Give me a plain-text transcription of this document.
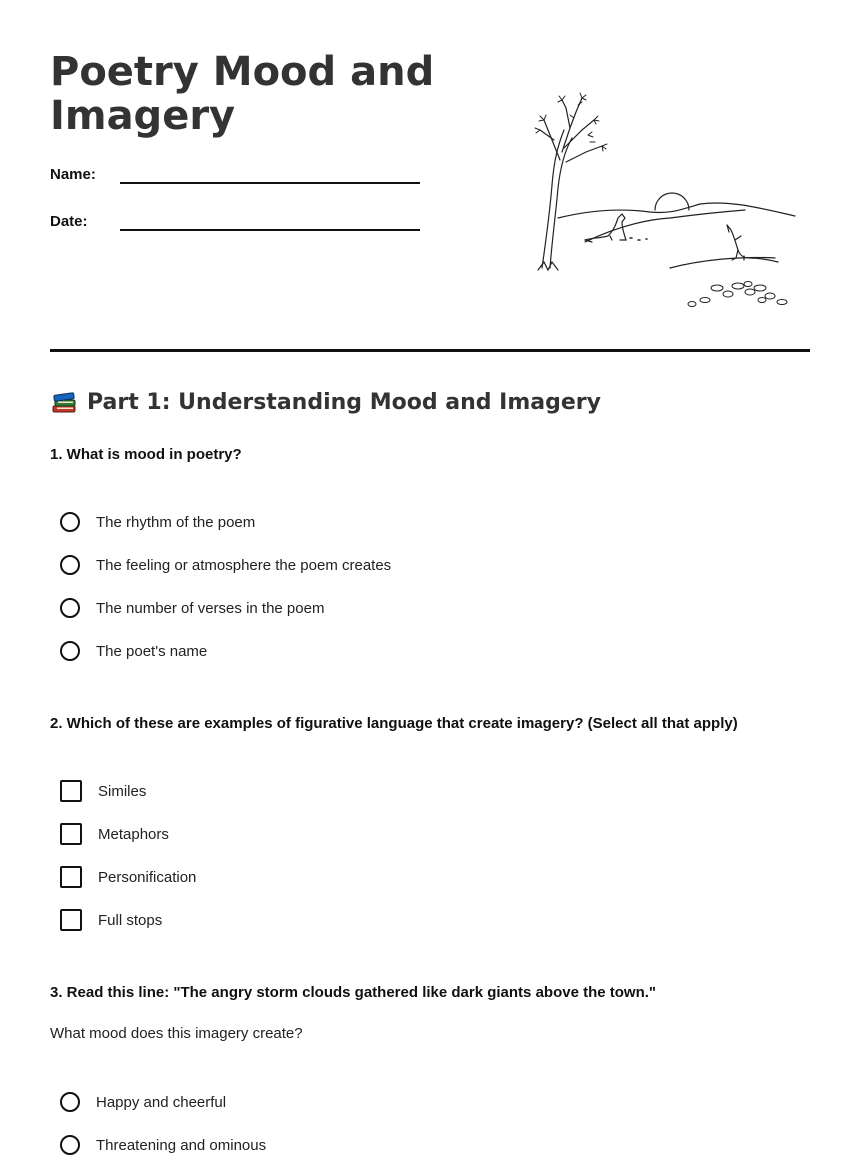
Poetry Mood and Imagery
Name:
Date:
Part 1: Understanding Mood and Imagery

1. What is mood in poetry?

The rhythm of the poem
The feeling or atmosphere the poem creates
The number of verses in the poem
The poet's name

2. Which of these are examples of figurative language that create imagery? (Select all that apply)

Similes
Metaphors
Personification
Full stops

3. Read this line: "The angry storm clouds gathered like dark giants above the town."

What mood does this imagery create?

Happy and cheerful
Threatening and ominous
